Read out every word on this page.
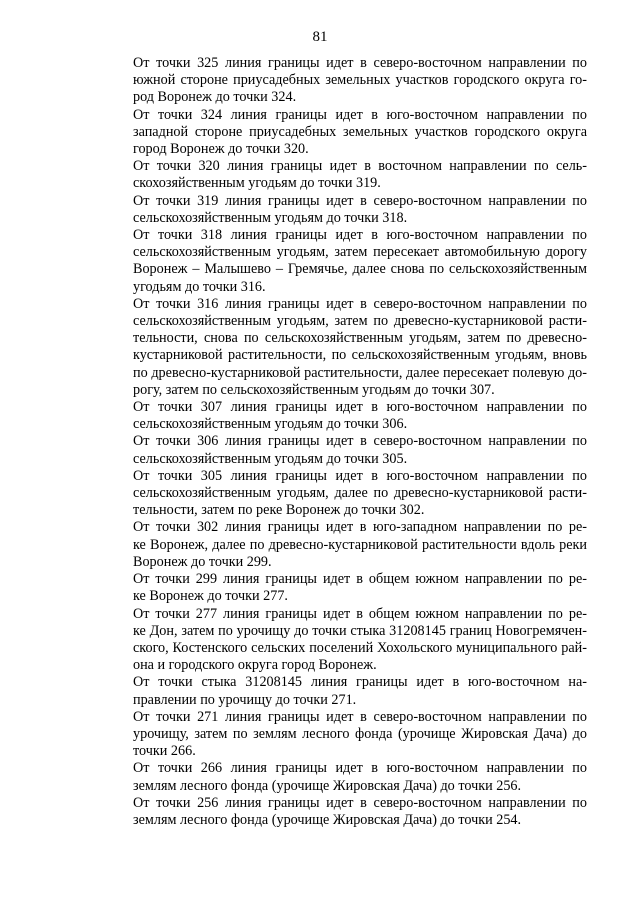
81
От точки 325 линия границы идет в северо-восточном направлении по
южной стороне приусадебных земельных участков городского округа го-
род Воронеж до точки 324.
От точки 324 линия границы идет в юго-восточном направлении по
западной стороне приусадебных земельных участков городского округа
город Воронеж до точки 320.
От точки 320 линия границы идет в восточном направлении по сель-
скохозяйственным угодьям до точки 319.
От точки 319 линия границы идет в северо-восточном направлении по
сельскохозяйственным угодьям до точки 318.
От точки 318 линия границы идет в юго-восточном направлении по
сельскохозяйственным угодьям, затем пересекает автомобильную дорогу
Воронеж – Малышево – Гремячье, далее снова по сельскохозяйственным
угодьям до точки 316.
От точки 316 линия границы идет в северо-восточном направлении по
сельскохозяйственным угодьям, затем по древесно-кустарниковой расти-
тельности, снова по сельскохозяйственным угодьям, затем по древесно-
кустарниковой растительности, по сельскохозяйственным угодьям, вновь
по древесно-кустарниковой растительности, далее пересекает полевую до-
рогу, затем по сельскохозяйственным угодьям до точки 307.
От точки 307 линия границы идет в юго-восточном направлении по
сельскохозяйственным угодьям до точки 306.
От точки 306 линия границы идет в северо-восточном направлении по
сельскохозяйственным угодьям до точки 305.
От точки 305 линия границы идет в юго-восточном направлении по
сельскохозяйственным угодьям, далее по древесно-кустарниковой расти-
тельности, затем по реке Воронеж до точки 302.
От точки 302 линия границы идет в юго-западном направлении по ре-
ке Воронеж, далее по древесно-кустарниковой растительности вдоль реки
Воронеж до точки 299.
От точки 299 линия границы идет в общем южном направлении по ре-
ке Воронеж до точки 277.
От точки 277 линия границы идет в общем южном направлении по ре-
ке Дон, затем по урочищу до точки стыка 31208145 границ Новогремячен-
ского, Костенского сельских поселений Хохольского муниципального рай-
она и городского округа город Воронеж.
От точки стыка 31208145 линия границы идет в юго-восточном на-
правлении по урочищу до точки 271.
От точки 271 линия границы идет в северо-восточном направлении по
урочищу, затем по землям лесного фонда (урочище Жировская Дача) до
точки 266.
От точки 266 линия границы идет в юго-восточном направлении по
землям лесного фонда (урочище Жировская Дача) до точки 256.
От точки 256 линия границы идет в северо-восточном направлении по
землям лесного фонда (урочище Жировская Дача) до точки 254.
